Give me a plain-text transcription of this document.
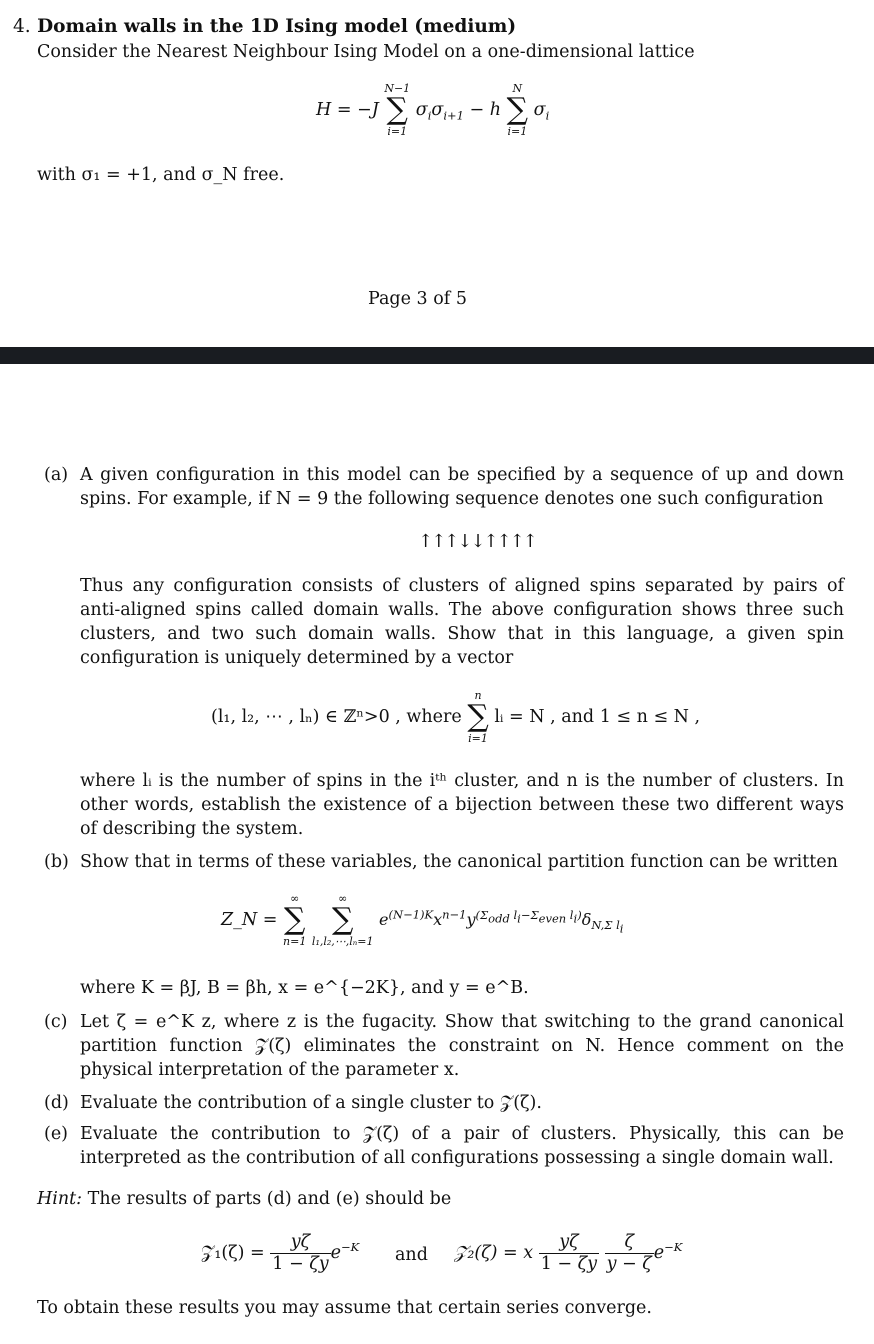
4. Domain walls in the 1D Ising model (medium)
Consider the Nearest Neighbour Ising Model on a one-dimensional lattice
H = −J
N−1
∑
i=1
$\sigma_i\sigma_{i+1} - h$
N
∑
i=1
$\sigma_i$
with σ₁ = +1, and σ_N free.
Page 3 of 5
(a) A given configuration in this model can be specified by a sequence of up and down spins. For example, if N = 9 the following sequence denotes one such configuration
↑↑↑↓↓↑↑↑↑
Thus any configuration consists of clusters of aligned spins separated by pairs of anti-aligned spins called domain walls. The above configuration shows three such clusters, and two such domain walls. Show that in this language, a given spin configuration is uniquely determined by a vector
(l₁, l₂, ⋯ , lₙ) ∈ ℤⁿ>0 , where
n
∑
i=1
lᵢ = N , and 1 ≤ n ≤ N ,
where lᵢ is the number of spins in the iᵗʰ cluster, and n is the number of clusters. In other words, establish the existence of a bijection between these two different ways of describing the system.
(b) Show that in terms of these variables, the canonical partition function can be written
Z_N =
∞
∑
n=1

∞
∑
l₁,l₂,⋯,lₙ=1
$e^{(N-1)K}x^{n-1}y^{(\Sigma_{odd} l_i-\Sigma_{even} l_i)}\delta_{N,\Sigma l_i}$
where K = βJ, B = βh, x = e^{−2K}, and y = e^B.
(c) Let ζ = e^K z, where z is the fugacity. Show that switching to the grand canonical partition function 𝒵(ζ) eliminates the constraint on N. Hence comment on the physical interpretation of the parameter x.
(d) Evaluate the contribution of a single cluster to 𝒵(ζ).
(e) Evaluate the contribution to 𝒵(ζ) of a pair of clusters. Physically, this can be interpreted as the contribution of all configurations possessing a single domain wall.
Hint: The results of parts (d) and (e) should be
𝒵₁(ζ) = $\frac{y\zeta}{1 - \zeta y} e^{-K}$ and 𝒵₂(ζ) = x $\frac{y\zeta}{1 - \zeta y}$
$\frac{\zeta}{y - \zeta} e^{-K}$
To obtain these results you may assume that certain series converge.
